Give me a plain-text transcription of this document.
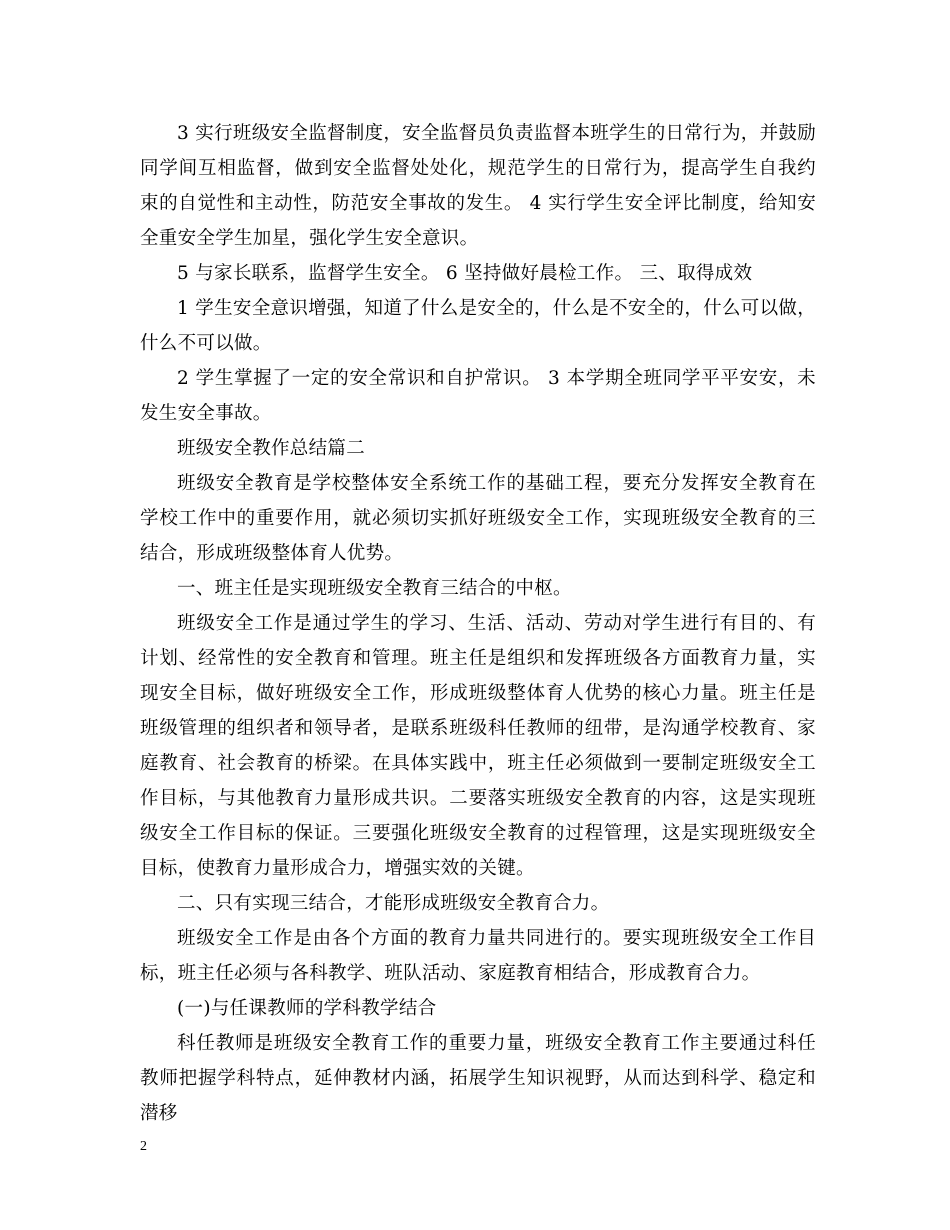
3 实行班级安全监督制度，安全监督员负责监督本班学生的日常行为，并鼓励同学间互相监督，做到安全监督处处化，规范学生的日常行为，提高学生自我约束的自觉性和主动性，防范安全事故的发生。 4 实行学生安全评比制度，给知安全重安全学生加星，强化学生安全意识。

5 与家长联系，监督学生安全。 6 坚持做好晨检工作。 三、取得成效

1 学生安全意识增强，知道了什么是安全的，什么是不安全的，什么可以做，什么不可以做。

2 学生掌握了一定的安全常识和自护常识。 3 本学期全班同学平平安安，未发生安全事故。

班级安全教作总结篇二

班级安全教育是学校整体安全系统工作的基础工程，要充分发挥安全教育在学校工作中的重要作用，就必须切实抓好班级安全工作，实现班级安全教育的三结合，形成班级整体育人优势。

一、班主任是实现班级安全教育三结合的中枢。

班级安全工作是通过学生的学习、生活、活动、劳动对学生进行有目的、有计划、经常性的安全教育和管理。班主任是组织和发挥班级各方面教育力量，实现安全目标，做好班级安全工作，形成班级整体育人优势的核心力量。班主任是班级管理的组织者和领导者，是联系班级科任教师的纽带，是沟通学校教育、家庭教育、社会教育的桥梁。在具体实践中，班主任必须做到一要制定班级安全工作目标，与其他教育力量形成共识。二要落实班级安全教育的内容，这是实现班级安全工作目标的保证。三要强化班级安全教育的过程管理，这是实现班级安全目标，使教育力量形成合力，增强实效的关键。

二、只有实现三结合，才能形成班级安全教育合力。

班级安全工作是由各个方面的教育力量共同进行的。要实现班级安全工作目标，班主任必须与各科教学、班队活动、家庭教育相结合，形成教育合力。

(一)与任课教师的学科教学结合

科任教师是班级安全教育工作的重要力量，班级安全教育工作主要通过科任教师把握学科特点，延伸教材内涵，拓展学生知识视野，从而达到科学、稳定和潜移

2
